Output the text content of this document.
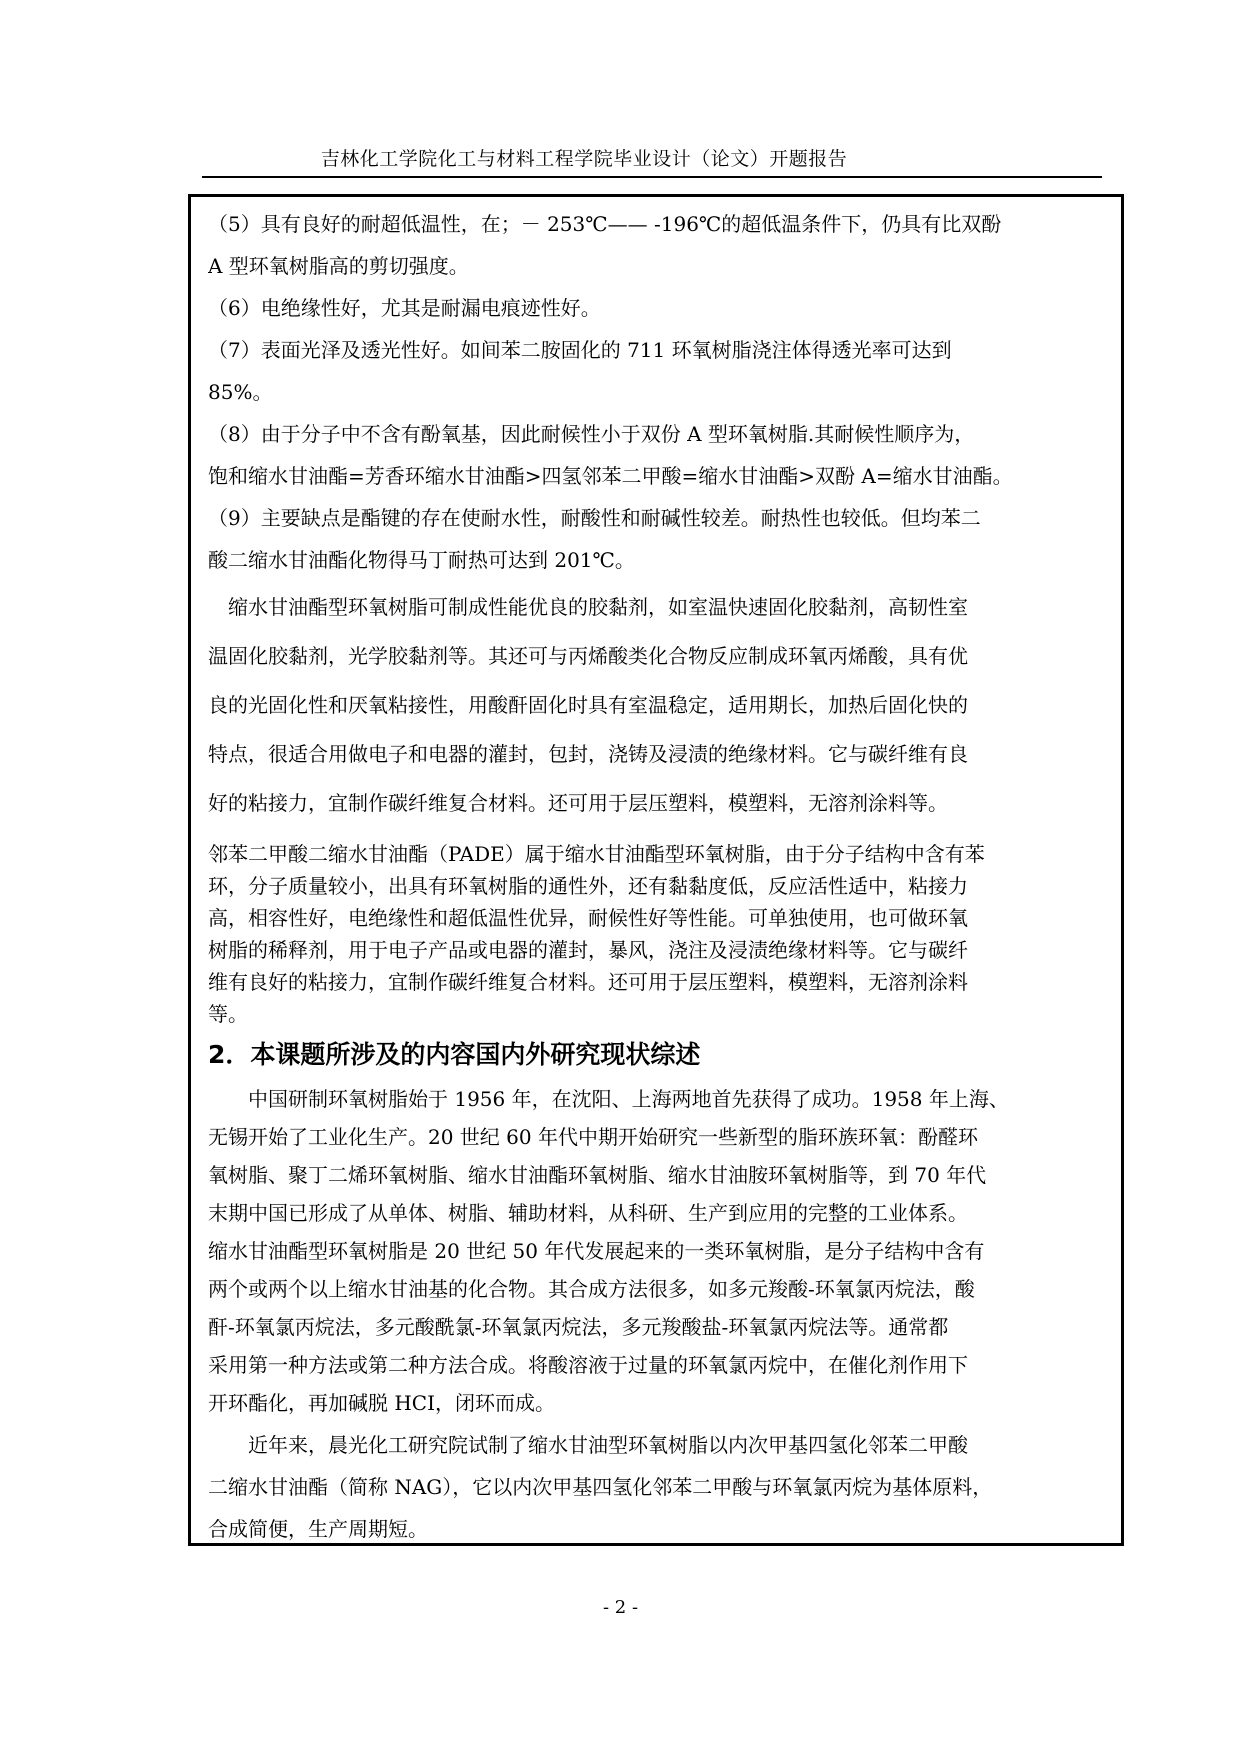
吉林化工学院化工与材料工程学院毕业设计（论文）开题报告
（5）具有良好的耐超低温性，在；－ 253℃—— -196℃的超低温条件下，仍具有比双酚
A 型环氧树脂高的剪切强度。
（6）电绝缘性好，尤其是耐漏电痕迹性好。
（7）表面光泽及透光性好。如间苯二胺固化的 711 环氧树脂浇注体得透光率可达到
85%。
（8）由于分子中不含有酚氧基，因此耐候性小于双份 A 型环氧树脂.其耐候性顺序为，
饱和缩水甘油酯=芳香环缩水甘油酯>四氢邻苯二甲酸=缩水甘油酯>双酚 A=缩水甘油酯。
（9）主要缺点是酯键的存在使耐水性，耐酸性和耐碱性较差。耐热性也较低。但均苯二
酸二缩水甘油酯化物得马丁耐热可达到 201℃。
　缩水甘油酯型环氧树脂可制成性能优良的胶黏剂，如室温快速固化胶黏剂，高韧性室
温固化胶黏剂，光学胶黏剂等。其还可与丙烯酸类化合物反应制成环氧丙烯酸，具有优
良的光固化性和厌氧粘接性，用酸酐固化时具有室温稳定，适用期长，加热后固化快的
特点，很适合用做电子和电器的灌封，包封，浇铸及浸渍的绝缘材料。它与碳纤维有良
好的粘接力，宜制作碳纤维复合材料。还可用于层压塑料，模塑料，无溶剂涂料等。
邻苯二甲酸二缩水甘油酯（PADE）属于缩水甘油酯型环氧树脂，由于分子结构中含有苯
环，分子质量较小，出具有环氧树脂的通性外，还有黏黏度低，反应活性适中，粘接力
高，相容性好，电绝缘性和超低温性优异，耐候性好等性能。可单独使用，也可做环氧
树脂的稀释剂，用于电子产品或电器的灌封，暴风，浇注及浸渍绝缘材料等。它与碳纤
维有良好的粘接力，宜制作碳纤维复合材料。还可用于层压塑料，模塑料，无溶剂涂料
等。
2．本课题所涉及的内容国内外研究现状综述
　　中国研制环氧树脂始于 1956 年，在沈阳、上海两地首先获得了成功。1958 年上海、
无锡开始了工业化生产。20 世纪 60 年代中期开始研究一些新型的脂环族环氧：酚醛环
氧树脂、聚丁二烯环氧树脂、缩水甘油酯环氧树脂、缩水甘油胺环氧树脂等，到 70 年代
末期中国已形成了从单体、树脂、辅助材料，从科研、生产到应用的完整的工业体系。
缩水甘油酯型环氧树脂是 20 世纪 50 年代发展起来的一类环氧树脂，是分子结构中含有
两个或两个以上缩水甘油基的化合物。其合成方法很多，如多元羧酸-环氧氯丙烷法，酸
酐-环氧氯丙烷法，多元酸酰氯-环氧氯丙烷法，多元羧酸盐-环氧氯丙烷法等。通常都
采用第一种方法或第二种方法合成。将酸溶液于过量的环氧氯丙烷中，在催化剂作用下
开环酯化，再加碱脱 HCI，闭环而成。
　　近年来，晨光化工研究院试制了缩水甘油型环氧树脂以内次甲基四氢化邻苯二甲酸
二缩水甘油酯（简称 NAG），它以内次甲基四氢化邻苯二甲酸与环氧氯丙烷为基体原料，
合成简便，生产周期短。
- 2 -
